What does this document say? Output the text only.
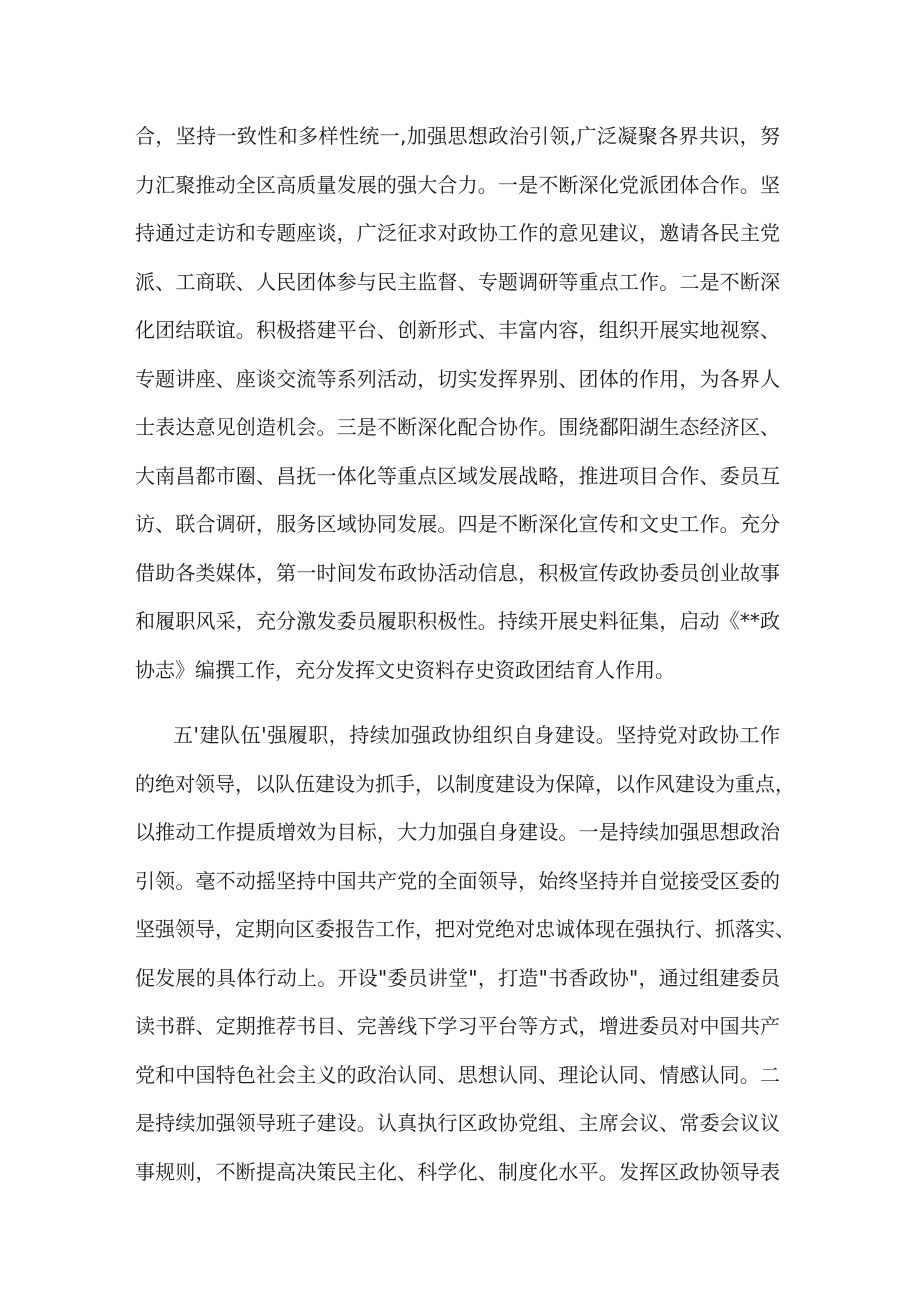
合，坚持一致性和多样性统一,加强思想政治引领,广泛凝聚各界共识，努
力汇聚推动全区高质量发展的强大合力。一是不断深化党派团体合作。坚
持通过走访和专题座谈，广泛征求对政协工作的意见建议，邀请各民主党
派、工商联、人民团体参与民主监督、专题调研等重点工作。二是不断深
化团结联谊。积极搭建平台、创新形式、丰富内容，组织开展实地视察、
专题讲座、座谈交流等系列活动，切实发挥界别、团体的作用，为各界人
士表达意见创造机会。三是不断深化配合协作。围绕鄱阳湖生态经济区、
大南昌都市圈、昌抚一体化等重点区域发展战略，推进项目合作、委员互
访、联合调研，服务区域协同发展。四是不断深化宣传和文史工作。充分
借助各类媒体，第一时间发布政协活动信息，积极宣传政协委员创业故事
和履职风采，充分激发委员履职积极性。持续开展史料征集，启动《**政
协志》编撰工作，充分发挥文史资料存史资政团结育人作用。
五'建队伍'强履职，持续加强政协组织自身建设。坚持党对政协工作
的绝对领导，以队伍建设为抓手，以制度建设为保障，以作风建设为重点，
以推动工作提质增效为目标，大力加强自身建设。一是持续加强思想政治
引领。毫不动摇坚持中国共产党的全面领导，始终坚持并自觉接受区委的
坚强领导，定期向区委报告工作，把对党绝对忠诚体现在强执行、抓落实、
促发展的具体行动上。开设"委员讲堂"，打造"书香政协"，通过组建委员
读书群、定期推荐书目、完善线下学习平台等方式，增进委员对中国共产
党和中国特色社会主义的政治认同、思想认同、理论认同、情感认同。二
是持续加强领导班子建设。认真执行区政协党组、主席会议、常委会议议
事规则，不断提高决策民主化、科学化、制度化水平。发挥区政协领导表
